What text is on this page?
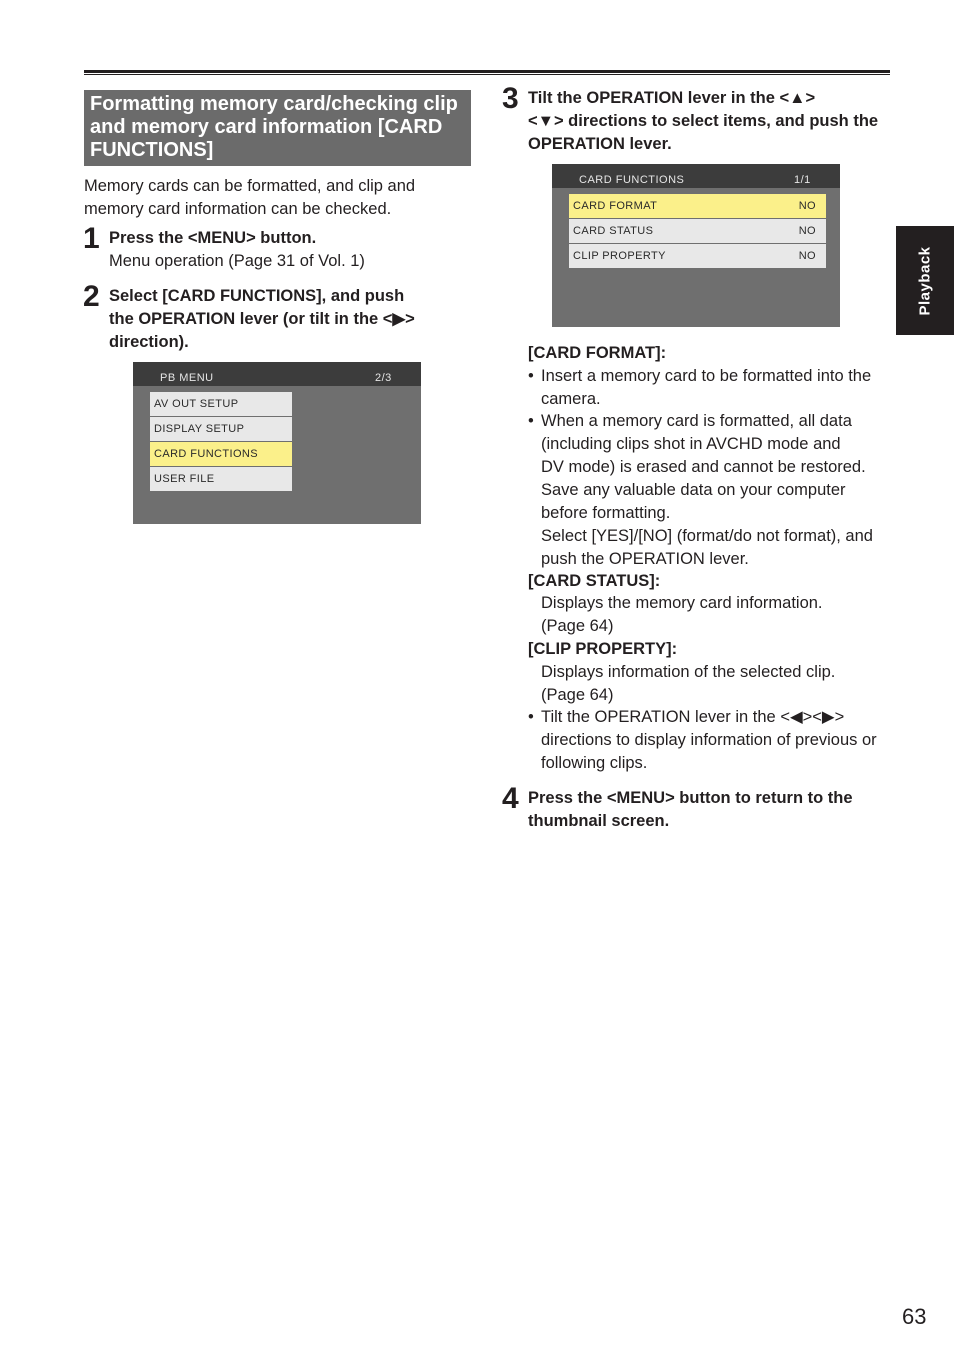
Formatting memory card/checking clip
and memory card information [CARD
FUNCTIONS]
Memory cards can be formatted, and clip and
memory card information can be checked.
1 Press the <MENU> button.
Menu operation (Page 31 of Vol. 1)
2 Select [CARD FUNCTIONS], and push
the OPERATION lever (or tilt in the <▶>
direction).
PB MENU	2/3
AV OUT SETUP
DISPLAY SETUP
CARD FUNCTIONS
USER FILE
3 Tilt the OPERATION lever in the <▲>
<▼> directions to select items, and push the
OPERATION lever.
CARD FUNCTIONS	1/1
CARD FORMAT	NO
CARD STATUS	NO
CLIP PROPERTY	NO
[CARD FORMAT]:
• Insert a memory card to be formatted into the
camera.
• When a memory card is formatted, all data
(including clips shot in AVCHD mode and
DV mode) is erased and cannot be restored.
Save any valuable data on your computer
before formatting.
Select [YES]/[NO] (format/do not format), and
push the OPERATION lever.
[CARD STATUS]:
Displays the memory card information.
(Page 64)
[CLIP PROPERTY]:
Displays information of the selected clip.
(Page 64)
• Tilt the OPERATION lever in the <◀><▶>
directions to display information of previous or
following clips.
4 Press the <MENU> button to return to the
thumbnail screen.
Playback
63
